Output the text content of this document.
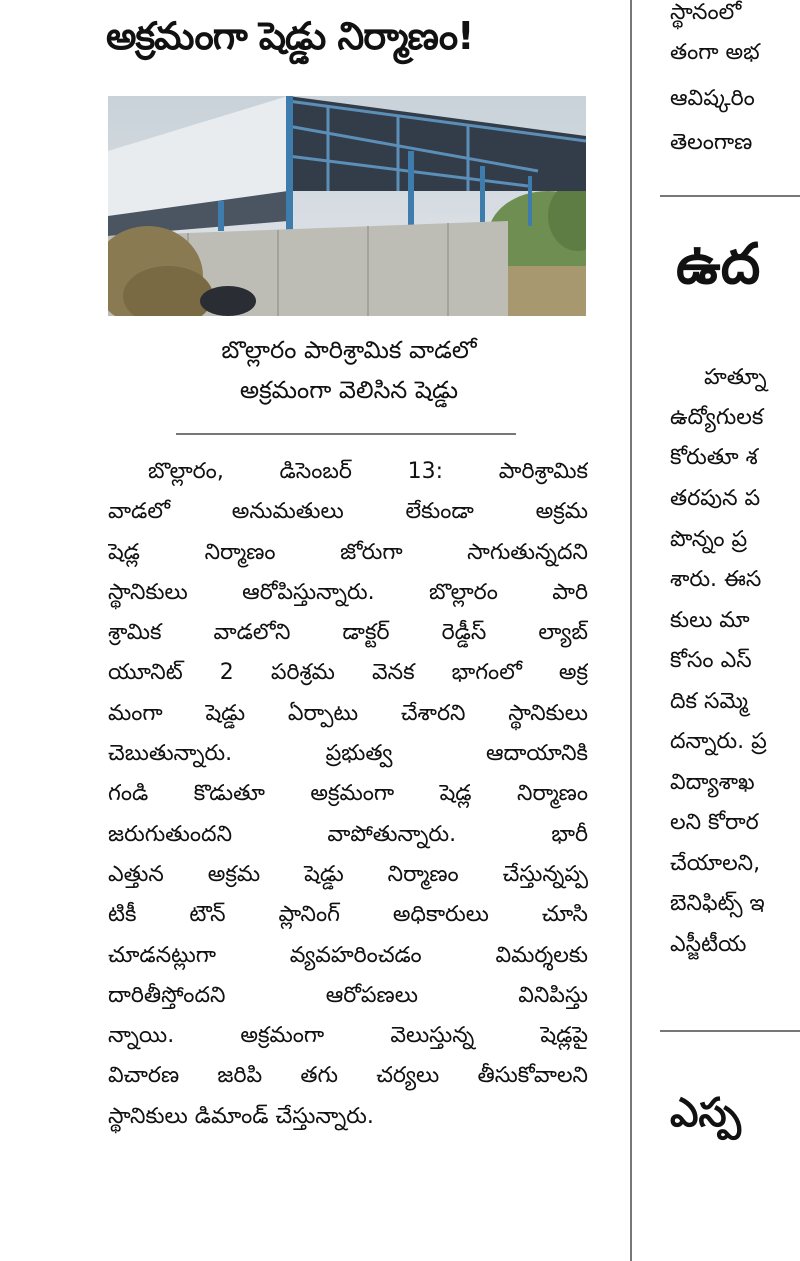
అక్రమంగా షెడ్డు నిర్మాణం!
బొల్లారం పారిశ్రామిక వాడలో
అక్రమంగా వెలిసిన షెడ్డు
బొల్లారం, డిసెంబర్ 13: పారిశ్రామిక
వాడలో అనుమతులు లేకుండా అక్రమ
షెడ్ల నిర్మాణం జోరుగా సాగుతున్నదని
స్థానికులు ఆరోపిస్తున్నారు. బొల్లారం పారి
శ్రామిక వాడలోని డాక్టర్ రెడ్డీస్ ల్యాబ్
యూనిట్ 2 పరిశ్రమ వెనక భాగంలో అక్ర
మంగా షెడ్డు ఏర్పాటు చేశారని స్థానికులు
చెబుతున్నారు. ప్రభుత్వ ఆదాయానికి
గండి కొడుతూ అక్రమంగా షెడ్ల నిర్మాణం
జరుగుతుందని వాపోతున్నారు. భారీ
ఎత్తున అక్రమ షెడ్డు నిర్మాణం చేస్తున్నప్ప
టికీ టౌన్ ప్లానింగ్ అధికారులు చూసి
చూడనట్లుగా వ్యవహరించడం విమర్శలకు
దారితీస్తోందని ఆరోపణలు వినిపిస్తు
న్నాయి. అక్రమంగా వెలుస్తున్న షెడ్లపై
విచారణ జరిపి తగు చర్యలు తీసుకోవాలని
స్థానికులు డిమాండ్ చేస్తున్నారు.
స్థానంలో
తంగా అభ
ఆవిష్కరిం
తెలంగాణ
ఉద
హత్నూ
ఉద్యోగులక
కోరుతూ శ
తరపున ప
పొన్నం ప్ర
శారు. ఈస
కులు మా
కోసం ఎస్
దిక సమ్మె
దన్నారు. ప్ర
విద్యాశాఖ
లని కోరార
చేయాలని,
బెనిఫిట్స్ ఇ
ఎస్జీటీయ
ఎస్ప
